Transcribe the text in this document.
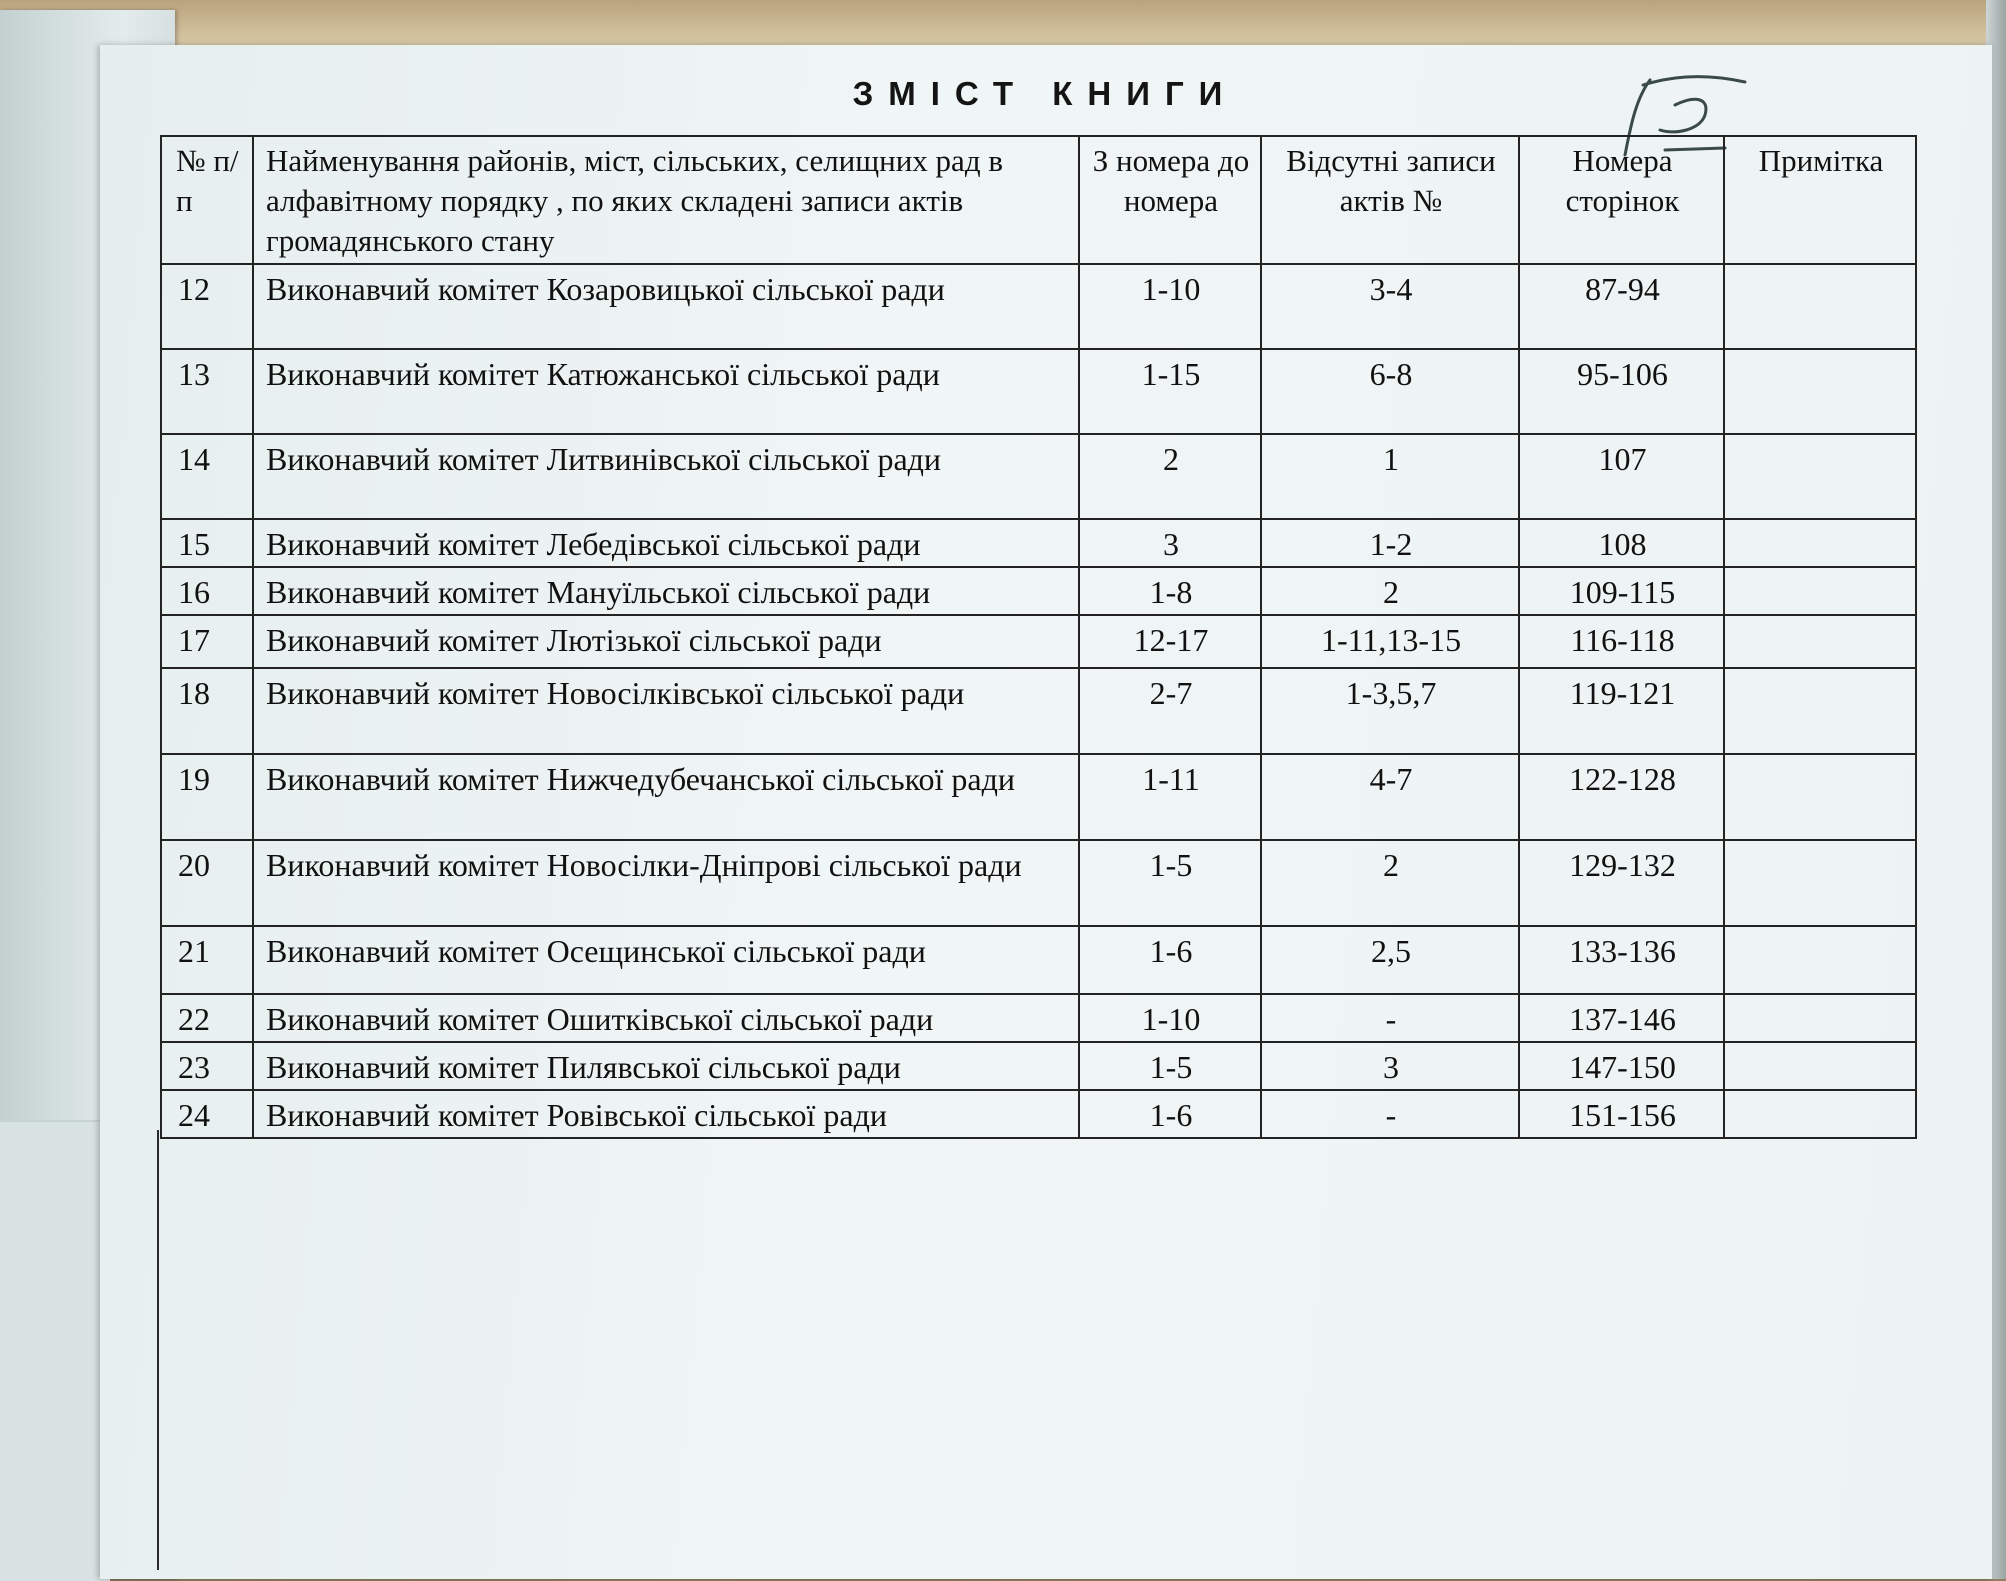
ЗМІСТ КНИГИ
№ п/п	Найменування районів, міст, сільських, селищних рад в алфавітному порядку , по яких складені записи актів громадянського стану	З номера до номера	Відсутні записи актів №	Номера сторінок	Примітка
12	Виконавчий комітет Козаровицької сільської ради	1-10	3-4	87-94	
13	Виконавчий комітет Катюжанської сільської ради	1-15	6-8	95-106	
14	Виконавчий комітет Литвинівської сільської ради	2	1	107	
15	Виконавчий комітет Лебедівської сільської ради	3	1-2	108	
16	Виконавчий комітет Мануїльської сільської ради	1-8	2	109-115	
17	Виконавчий комітет Лютізької сільської ради	12-17	1-11,13-15	116-118	
18	Виконавчий комітет Новосілківської сільської ради	2-7	1-3,5,7	119-121	
19	Виконавчий комітет Нижчедубечанської сільської ради	1-11	4-7	122-128	
20	Виконавчий комітет Новосілки-Дніпрові сільської ради	1-5	2	129-132	
21	Виконавчий комітет Осещинської сільської ради	1-6	2,5	133-136	
22	Виконавчий комітет Ошитківської сільської ради	1-10	-	137-146	
23	Виконавчий комітет Пилявської сільської ради	1-5	3	147-150	
24	Виконавчий комітет Ровівської сільської ради	1-6	-	151-156	
